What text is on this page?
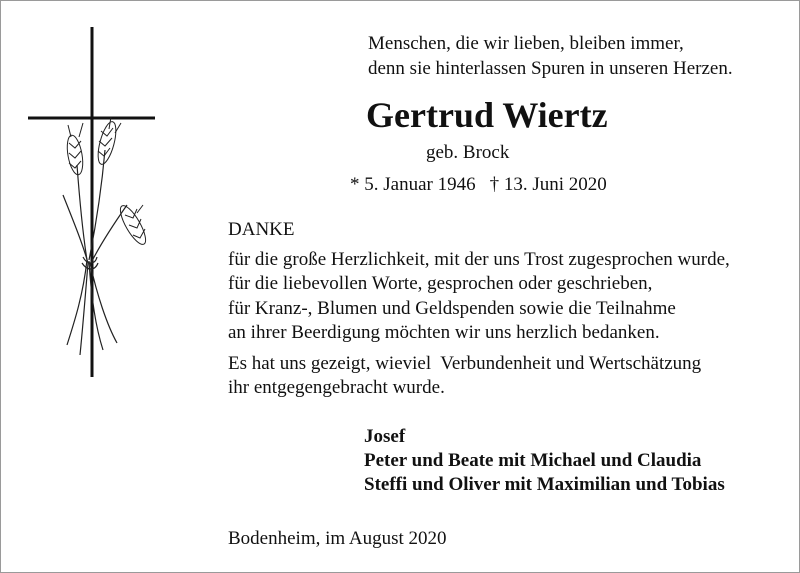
Menschen, die wir lieben, bleiben immer,
denn sie hinterlassen Spuren in unseren Herzen.
Gertrud Wiertz
geb. Brock
* 5. Januar 1946 † 13. Juni 2020
DANKE
für die große Herzlichkeit, mit der uns Trost zugesprochen wurde,
für die liebevollen Worte, gesprochen oder geschrieben,
für Kranz-, Blumen und Geldspenden sowie die Teilnahme
an ihrer Beerdigung möchten wir uns herzlich bedanken.
Es hat uns gezeigt, wieviel  Verbundenheit und Wertschätzung
ihr entgegengebracht wurde.
Josef
Peter und Beate mit Michael und Claudia
Steffi und Oliver mit Maximilian und Tobias
Bodenheim, im August 2020
